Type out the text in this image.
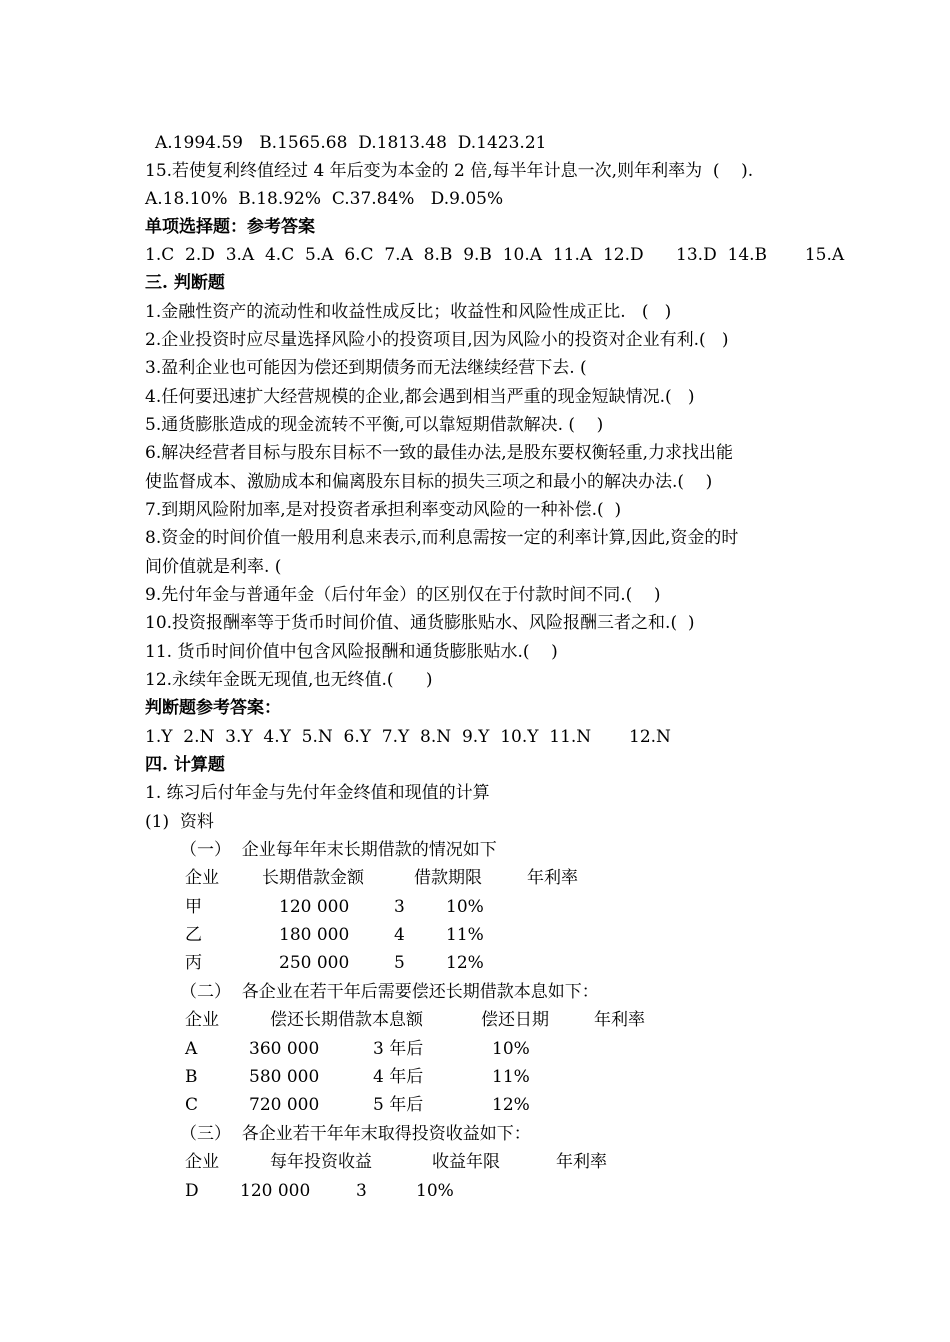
A.1994.59   B.1565.68  D.1813.48  D.1423.21
15.若使复利终值经过 4 年后变为本金的 2 倍,每半年计息一次,则年利率为  (    ).
A.18.10%  B.18.92%  C.37.84%   D.9.05%
单项选择题：参考答案
1.C  2.D  3.A  4.C  5.A  6.C  7.A  8.B  9.B  10.A  11.A  12.D      13.D  14.B       15.A
三. 判断题
1.金融性资产的流动性和收益性成反比；收益性和风险性成正比.   (   )
2.企业投资时应尽量选择风险小的投资项目,因为风险小的投资对企业有利.(   )
3.盈利企业也可能因为偿还到期债务而无法继续经营下去. (
4.任何要迅速扩大经营规模的企业,都会遇到相当严重的现金短缺情况.(   )
5.通货膨胀造成的现金流转不平衡,可以靠短期借款解决. (    )
6.解决经营者目标与股东目标不一致的最佳办法,是股东要权衡轻重,力求找出能
使监督成本、激励成本和偏离股东目标的损失三项之和最小的解决办法.(    )
7.到期风险附加率,是对投资者承担利率变动风险的一种补偿.(  )
8.资金的时间价值一般用利息来表示,而利息需按一定的利率计算,因此,资金的时
间价值就是利率. (
9.先付年金与普通年金（后付年金）的区别仅在于付款时间不同.(    )
10.投资报酬率等于货币时间价值、通货膨胀贴水、风险报酬三者之和.(  )
11. 货币时间价值中包含风险报酬和通货膨胀贴水.(    )
12.永续年金既无现值,也无终值.(      )
判断题参考答案：
1.Y  2.N  3.Y  4.Y  5.N  6.Y  7.Y  8.N  9.Y  10.Y  11.N       12.N
四. 计算题
1. 练习后付年金与先付年金终值和现值的计算
(1)  资料
（一）  企业每年年末长期借款的情况如下
企业	长期借款金额	借款期限	年利率
甲	120 000	3 10%
乙	180 000	4 11%
丙	250 000	5 12%
（二）  各企业在若干年后需要偿还长期借款本息如下：
企业	偿还长期借款本息额	偿还日期	年利率
A	360 000	3 年后	10%
B	580 000	4 年后	11%
C	720 000	5 年后	12%
（三）  各企业若干年年末取得投资收益如下：
企业	每年投资收益	收益年限	年利率
D 120 000	3	10%
